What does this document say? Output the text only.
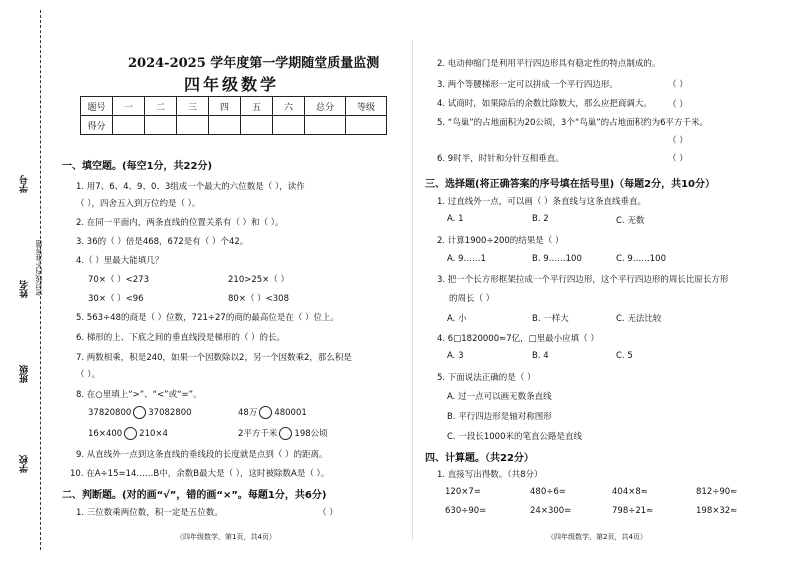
学号
姓名
班级
学校
密封线内不准答题
2024-2025 学年度第一学期随堂质量监测
四年级数学
题号	一	二	三	四	五	六	总分	等级
得分								
一、填空题。(每空1分，共22分)
1. 用7、6、4、9、0、3组成一个最大的六位数是（ ），读作
（ ），四舍五入到万位约是（ ）。
2. 在同一平面内，两条直线的位置关系有（ ）和（ ）。
3. 36的（ ）倍是468，672是有（ ）个42。
4.（ ）里最大能填几？
70×（ ）<273	210>25×（ ）
30×（ ）<96	80×（ ）<308
5. 563÷48的商是（ ）位数，721÷27的商的最高位是在（ ）位上。
6. 梯形的上、下底之间的垂直线段是梯形的（ ）的长。
7. 两数相乘，积是240，如果一个因数除以2，另一个因数乘2，那么积是
（ ）。
8. 在○里填上“>”、“<”或“=”。
37820800 37082800	48万 480001
16×400 210×4	2平方千米 198公顷
9. 从直线外一点到这条直线的垂线段的长度就是点到（ ）的距离。
10. 在A÷15=14……B中，余数B最大是（ ），这时被除数A是（ ）。
二、判断题。(对的画“√”，错的画“×”。每题1分，共6分)
1. 三位数乘两位数，积一定是五位数。	（ ）
（四年级数学，第1页，共4页）
2. 电动伸缩门是利用平行四边形具有稳定性的特点制成的。
（ ）
3. 两个等腰梯形一定可以拼成一个平行四边形。
4. 试商时，如果除后的余数比除数大，那么应把商调大。 （ ）
5. “鸟巢”的占地面积为20公顷，3个“鸟巢”的占地面积约为6平方千米。
（ ）
6. 9时半，时针和分针互相垂直。	（ ）
三、选择题(将正确答案的序号填在括号里)（每题2分，共10分）
1. 过直线外一点，可以画（ ）条直线与这条直线垂直。
A. 1	B. 2	C. 无数
2. 计算1900÷200的结果是（ ）
A. 9……1	B. 9……100	C. 9……100
3. 把一个长方形框架拉成一个平行四边形，这个平行四边形的周长比原长方形
的周长（ ）
A. 小	B. 一样大	C. 无法比较
4. 6□1820000≈7亿，□里最小应填（ ）
A. 3	B. 4	C. 5
5. 下面说法正确的是（ ）
A. 过一点可以画无数条直线
B. 平行四边形是轴对称图形
C. 一段长1000米的笔直公路是直线
四、计算题。（共22分）
1. 直接写出得数。（共8分）
120×7=	480÷6=	404×8≈	812÷90≈
630÷90=	24×300=	798÷21≈	198×32≈
（四年级数学，第2页，共4页）
